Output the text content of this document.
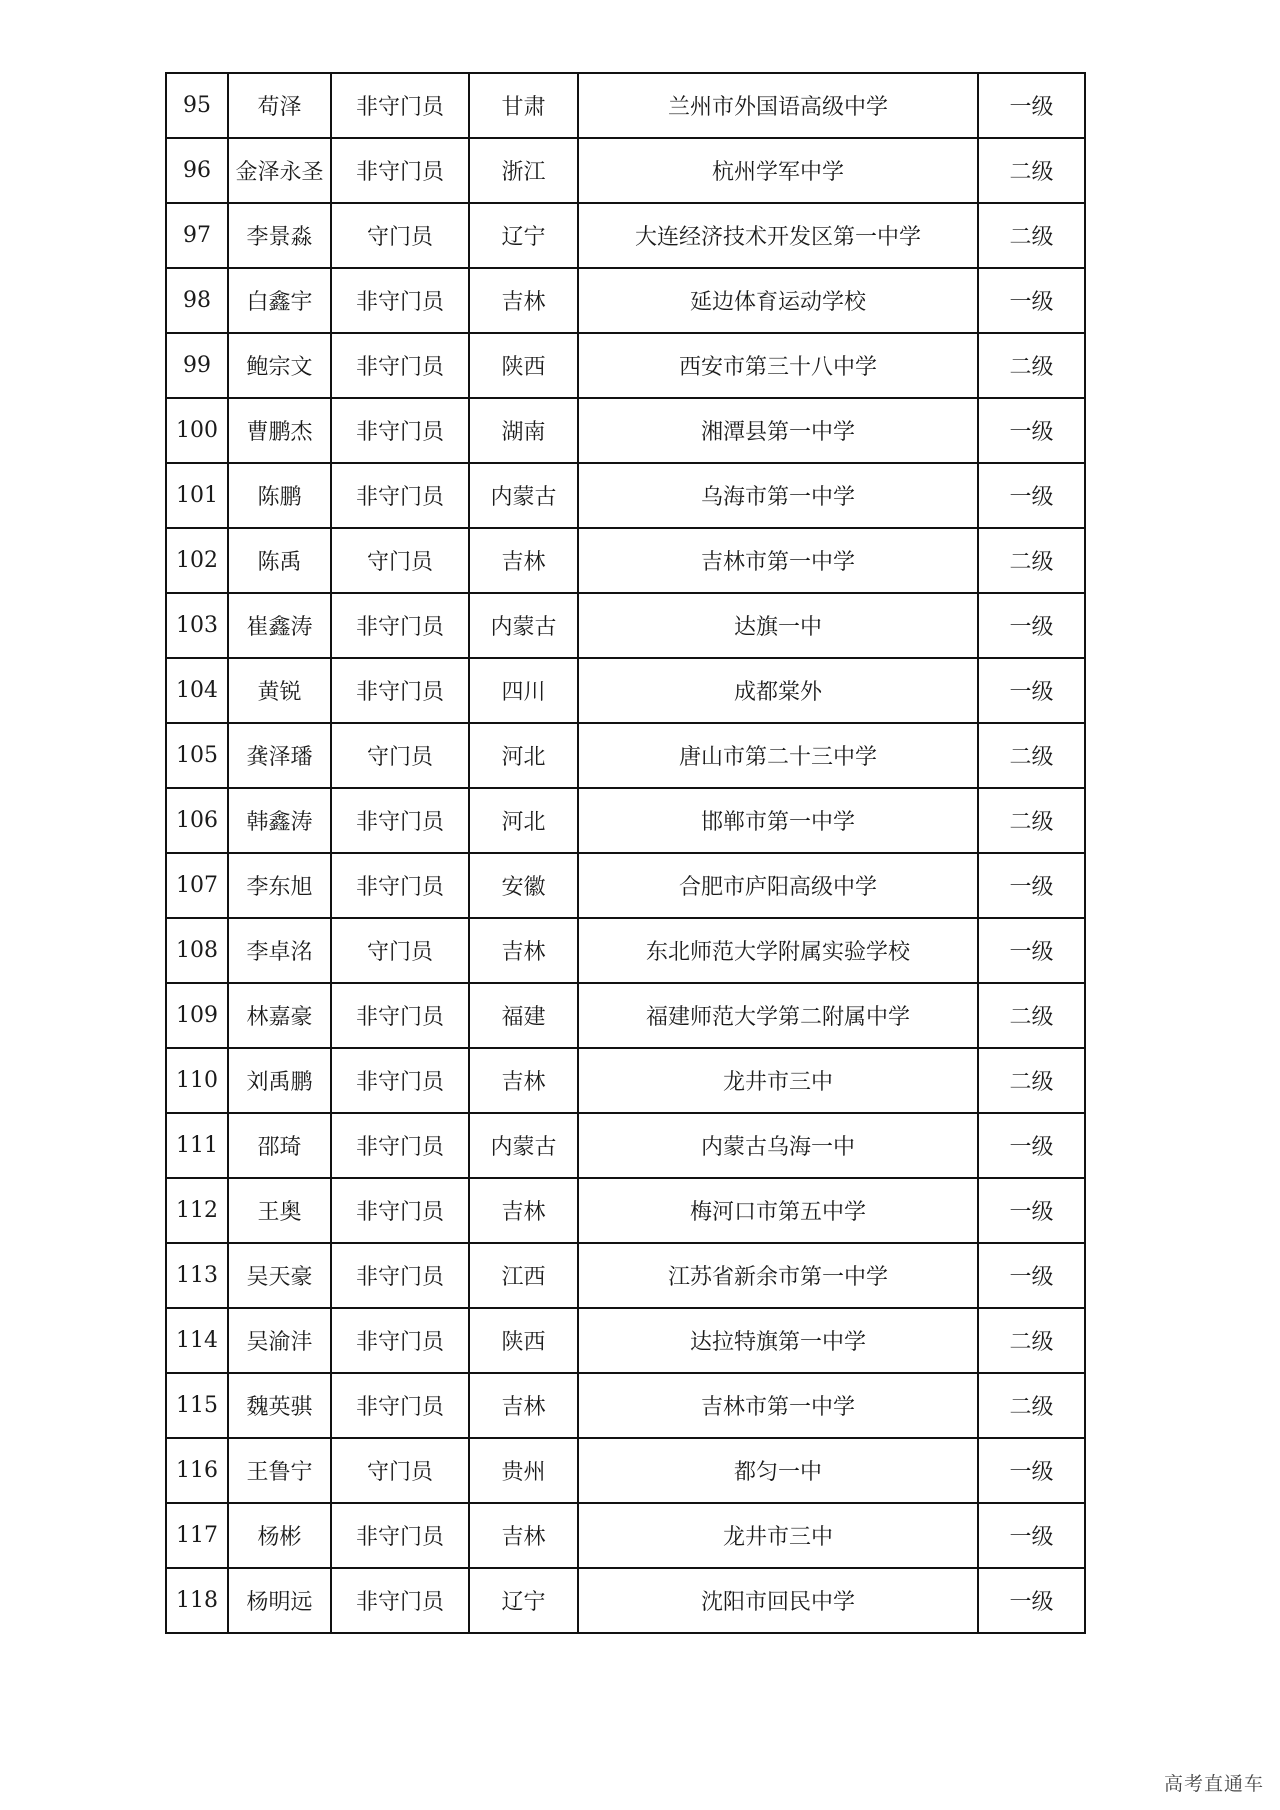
95	苟泽	非守门员	甘肃	兰州市外国语高级中学	一级
96	金泽永圣	非守门员	浙江	杭州学军中学	二级
97	李景淼	守门员	辽宁	大连经济技术开发区第一中学	二级
98	白鑫宇	非守门员	吉林	延边体育运动学校	一级
99	鲍宗文	非守门员	陕西	西安市第三十八中学	二级
100	曹鹏杰	非守门员	湖南	湘潭县第一中学	一级
101	陈鹏	非守门员	内蒙古	乌海市第一中学	一级
102	陈禹	守门员	吉林	吉林市第一中学	二级
103	崔鑫涛	非守门员	内蒙古	达旗一中	一级
104	黄锐	非守门员	四川	成都棠外	一级
105	龚泽璠	守门员	河北	唐山市第二十三中学	二级
106	韩鑫涛	非守门员	河北	邯郸市第一中学	二级
107	李东旭	非守门员	安徽	合肥市庐阳高级中学	一级
108	李卓洺	守门员	吉林	东北师范大学附属实验学校	一级
109	林嘉豪	非守门员	福建	福建师范大学第二附属中学	二级
110	刘禹鹏	非守门员	吉林	龙井市三中	二级
111	邵琦	非守门员	内蒙古	内蒙古乌海一中	一级
112	王奥	非守门员	吉林	梅河口市第五中学	一级
113	吴天豪	非守门员	江西	江苏省新余市第一中学	一级
114	吴渝沣	非守门员	陕西	达拉特旗第一中学	二级
115	魏英骐	非守门员	吉林	吉林市第一中学	二级
116	王鲁宁	守门员	贵州	都匀一中	一级
117	杨彬	非守门员	吉林	龙井市三中	一级
118	杨明远	非守门员	辽宁	沈阳市回民中学	一级
高考直通车
